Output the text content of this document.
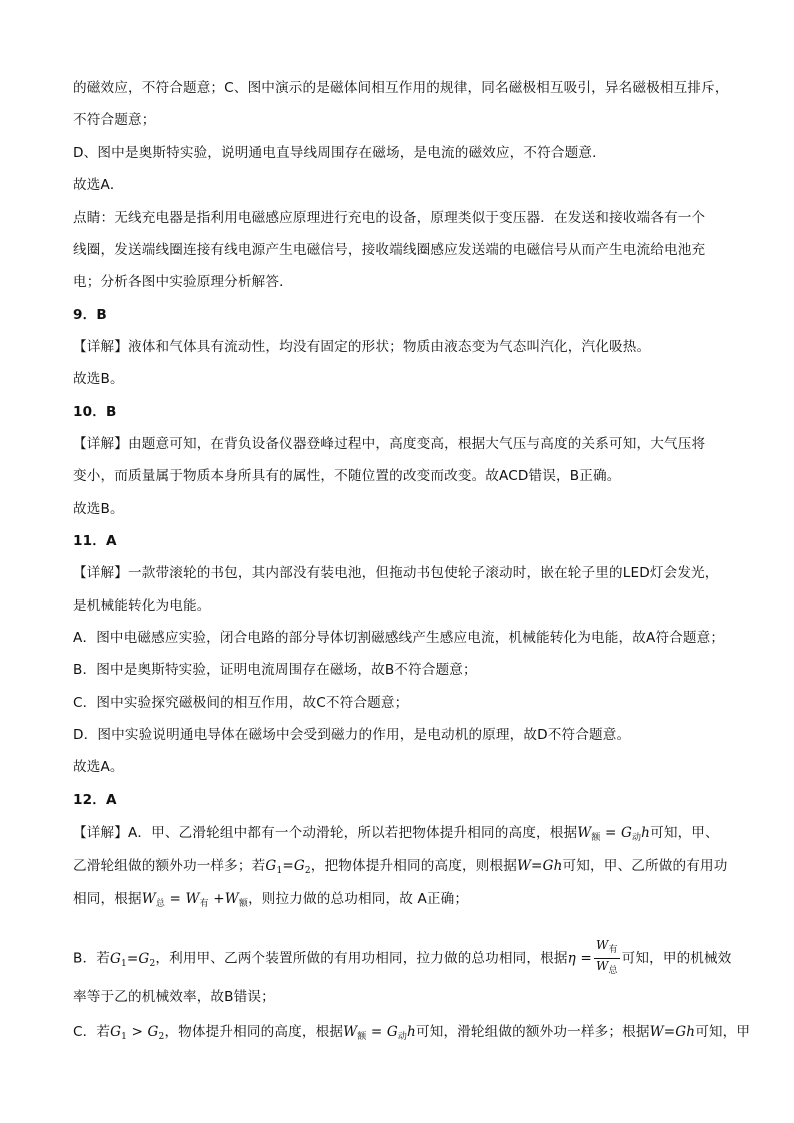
的磁效应，不符合题意；C、图中演示的是磁体间相互作用的规律，同名磁极相互吸引，异名磁极相互排斥，
不符合题意；
D、图中是奥斯特实验，说明通电直导线周围存在磁场，是电流的磁效应，不符合题意．
故选A．
点睛：无线充电器是指利用电磁感应原理进行充电的设备，原理类似于变压器．在发送和接收端各有一个
线圈，发送端线圈连接有线电源产生电磁信号，接收端线圈感应发送端的电磁信号从而产生电流给电池充
电；分析各图中实验原理分析解答．
9．B
【详解】液体和气体具有流动性，均没有固定的形状；物质由液态变为气态叫汽化，汽化吸热。
故选B。
10．B
【详解】由题意可知，在背负设备仪器登峰过程中，高度变高，根据大气压与高度的关系可知，大气压将
变小，而质量属于物质本身所具有的属性，不随位置的改变而改变。故ACD错误，B正确。
故选B。
11．A
【详解】一款带滚轮的书包，其内部没有装电池，但拖动书包使轮子滚动时，嵌在轮子里的LED灯会发光，
是机械能转化为电能。
A．图中电磁感应实验，闭合电路的部分导体切割磁感线产生感应电流，机械能转化为电能，故A符合题意；
B．图中是奥斯特实验，证明电流周围存在磁场，故B不符合题意；
C．图中实验探究磁极间的相互作用，故C不符合题意；
D．图中实验说明通电导体在磁场中会受到磁力的作用，是电动机的原理，故D不符合题意。
故选A。
12．A
【详解】A．甲、乙滑轮组中都有一个动滑轮，所以若把物体提升相同的高度，根据$W_额 = G_动h$可知，甲、
乙滑轮组做的额外功一样多；若$G_1=G_2$，把物体提升相同的高度，则根据W=Gh可知，甲、乙所做的有用功
相同，根据$W_总 = W_有 +W_额$，则拉力做的总功相同，故 A正确；
B．若$G_1=G_2$，利用甲、乙两个装置所做的有用功相同，拉力做的总功相同，根据$\eta = \frac{W_有}{W_总}$ 可知，甲的机械效
率等于乙的机械效率，故B错误；
C．若$G_1 > G_2$，物体提升相同的高度，根据$W_额 = G_动h$可知，滑轮组做的额外功一样多；根据W=Gh可知，甲
